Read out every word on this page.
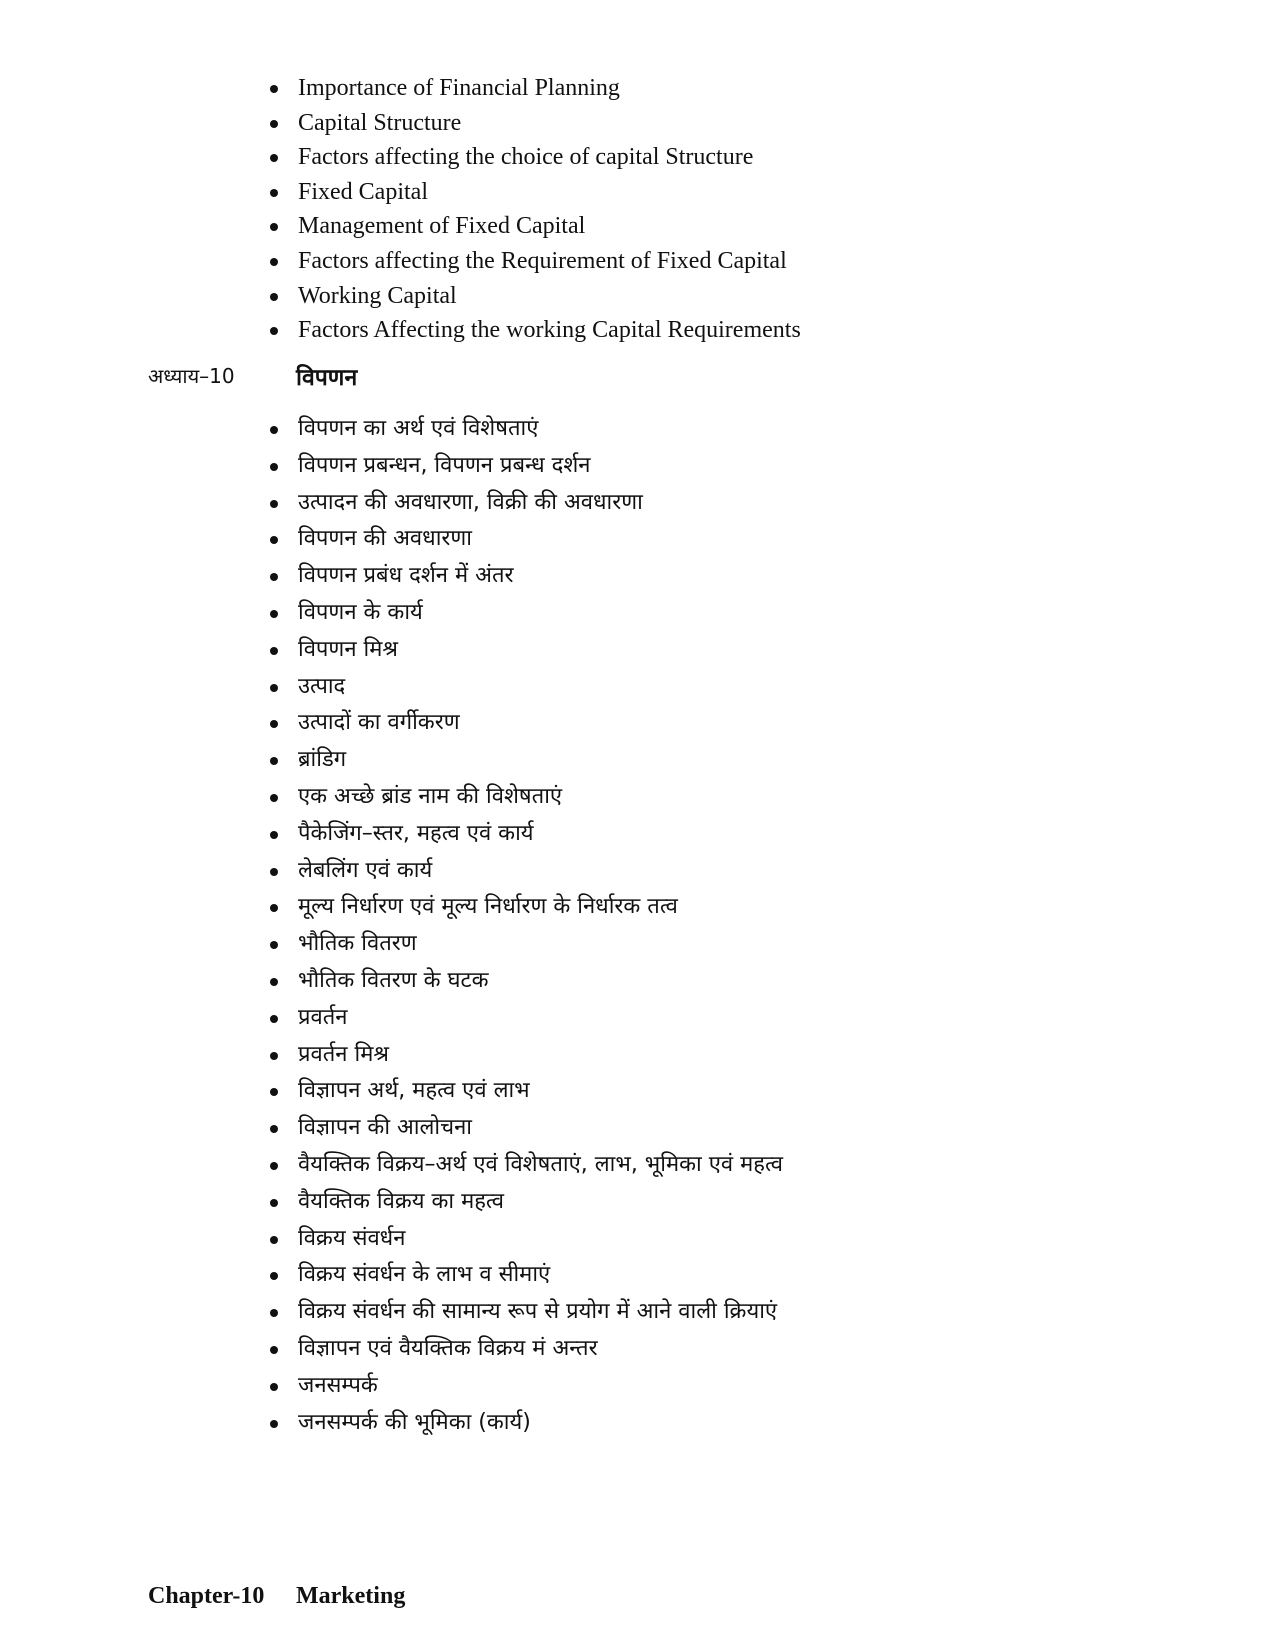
Importance of Financial Planning
Capital Structure
Factors affecting the choice of capital Structure
Fixed Capital
Management of Fixed Capital
Factors affecting the Requirement of Fixed Capital
Working Capital
Factors Affecting the working Capital Requirements
अध्याय–10	विपणन
विपणन का अर्थ एवं विशेषताएं
विपणन प्रबन्धन, विपणन प्रबन्ध दर्शन
उत्पादन की अवधारणा, विक्री की अवधारणा
विपणन की अवधारणा
विपणन प्रबंध दर्शन में अंतर
विपणन के कार्य
विपणन मिश्र
उत्पाद
उत्पादों का वर्गीकरण
ब्रांडिग
एक अच्छे ब्रांड नाम की विशेषताएं
पैकेजिंग–स्तर, महत्व एवं कार्य
लेबलिंग एवं कार्य
मूल्य निर्धारण एवं मूल्य निर्धारण के निर्धारक तत्व
भौतिक वितरण
भौतिक वितरण के घटक
प्रवर्तन
प्रवर्तन मिश्र
विज्ञापन अर्थ, महत्व एवं लाभ
विज्ञापन की आलोचना
वैयक्तिक विक्रय–अर्थ एवं विशेषताएं, लाभ, भूमिका एवं महत्व
वैयक्तिक विक्रय का महत्व
विक्रय संवर्धन
विक्रय संवर्धन के लाभ व सीमाएं
विक्रय संवर्धन की सामान्य रूप से प्रयोग में आने वाली क्रियाएं
विज्ञापन एवं वैयक्तिक विक्रय मं अन्तर
जनसम्पर्क
जनसम्पर्क की भूमिका (कार्य)
Chapter-10 Marketing
